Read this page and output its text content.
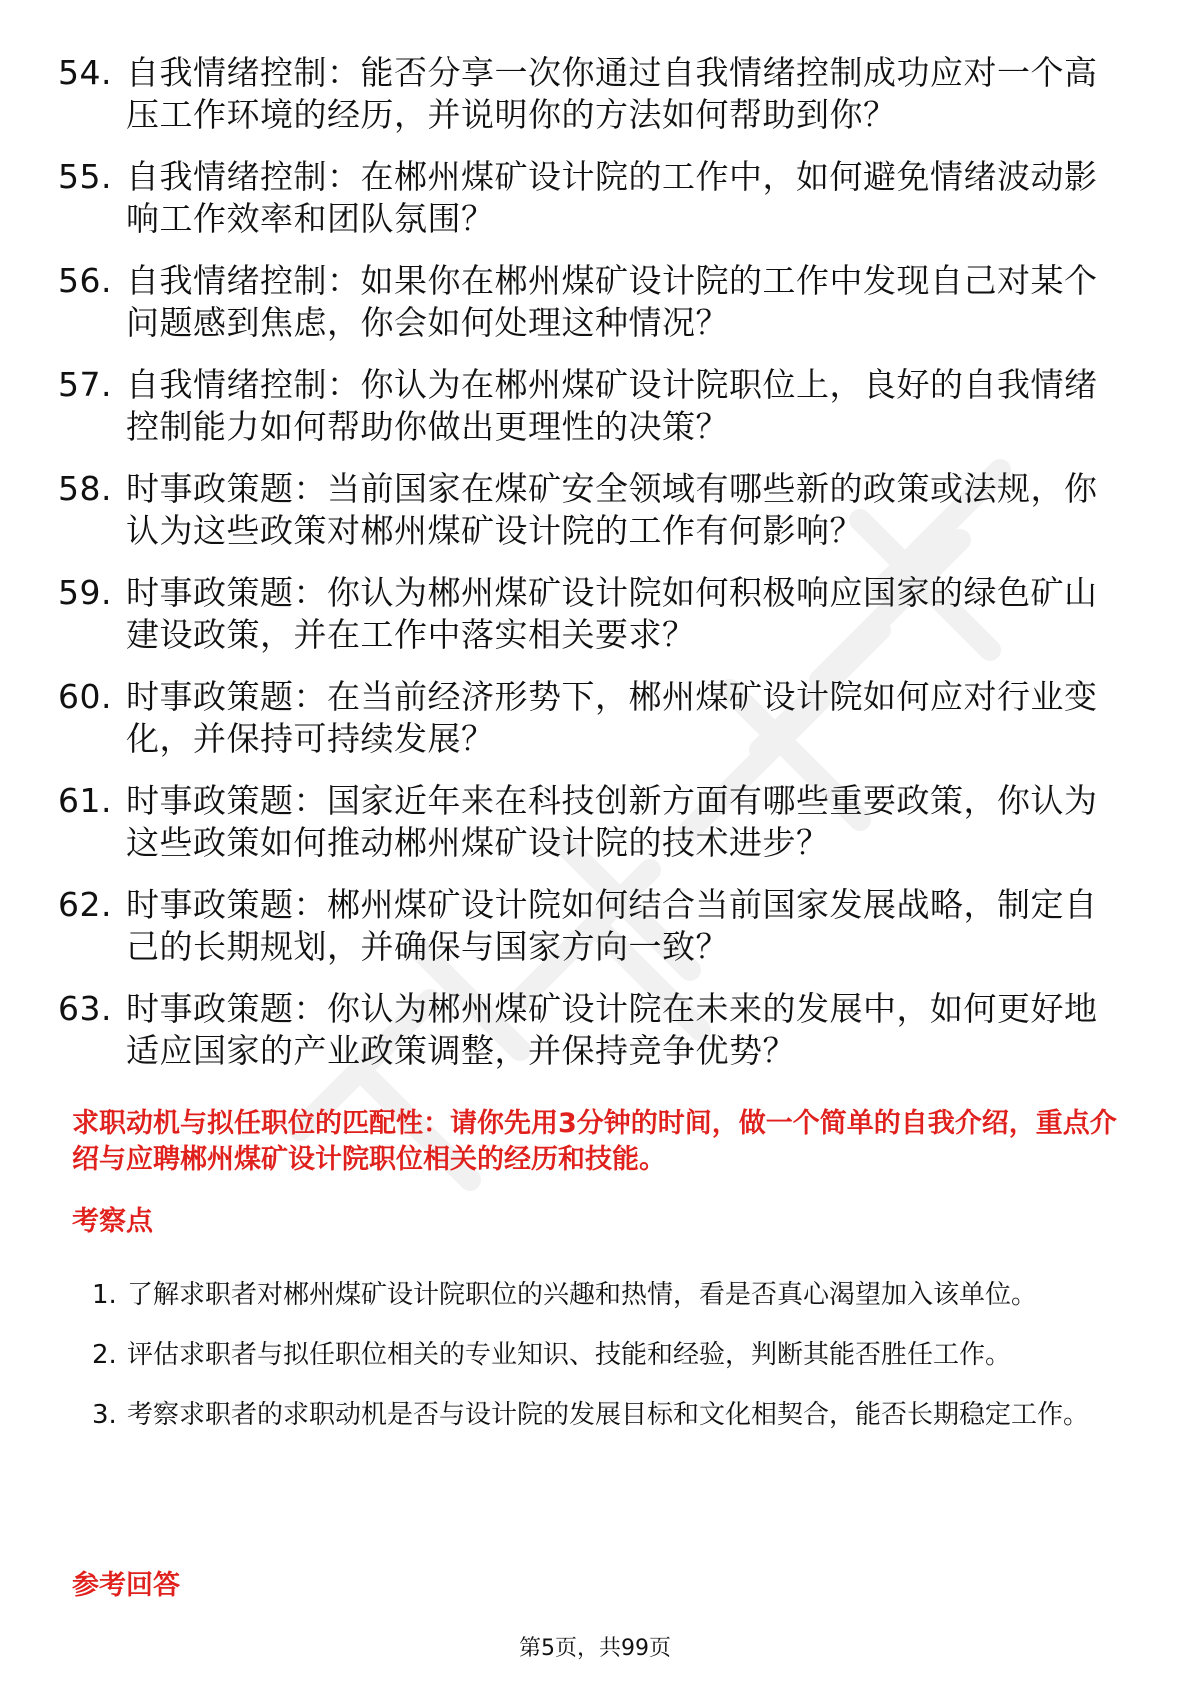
54. 自我情绪控制：能否分享一次你通过自我情绪控制成功应对一个高压工作环境的经历，并说明你的方法如何帮助到你？
55. 自我情绪控制：在郴州煤矿设计院的工作中，如何避免情绪波动影响工作效率和团队氛围？
56. 自我情绪控制：如果你在郴州煤矿设计院的工作中发现自己对某个问题感到焦虑，你会如何处理这种情况？
57. 自我情绪控制：你认为在郴州煤矿设计院职位上，良好的自我情绪控制能力如何帮助你做出更理性的决策？
58. 时事政策题：当前国家在煤矿安全领域有哪些新的政策或法规，你认为这些政策对郴州煤矿设计院的工作有何影响？
59. 时事政策题：你认为郴州煤矿设计院如何积极响应国家的绿色矿山建设政策，并在工作中落实相关要求？
60. 时事政策题：在当前经济形势下，郴州煤矿设计院如何应对行业变化，并保持可持续发展？
61. 时事政策题：国家近年来在科技创新方面有哪些重要政策，你认为这些政策如何推动郴州煤矿设计院的技术进步？
62. 时事政策题：郴州煤矿设计院如何结合当前国家发展战略，制定自己的长期规划，并确保与国家方向一致？
63. 时事政策题：你认为郴州煤矿设计院在未来的发展中，如何更好地适应国家的产业政策调整，并保持竞争优势？
求职动机与拟任职位的匹配性：请你先用3分钟的时间，做一个简单的自我介绍，重点介绍与应聘郴州煤矿设计院职位相关的经历和技能。
考察点
1. 了解求职者对郴州煤矿设计院职位的兴趣和热情，看是否真心渴望加入该单位。
2. 评估求职者与拟任职位相关的专业知识、技能和经验，判断其能否胜任工作。
3. 考察求职者的求职动机是否与设计院的发展目标和文化相契合，能否长期稳定工作。
参考回答
第5页，共99页
